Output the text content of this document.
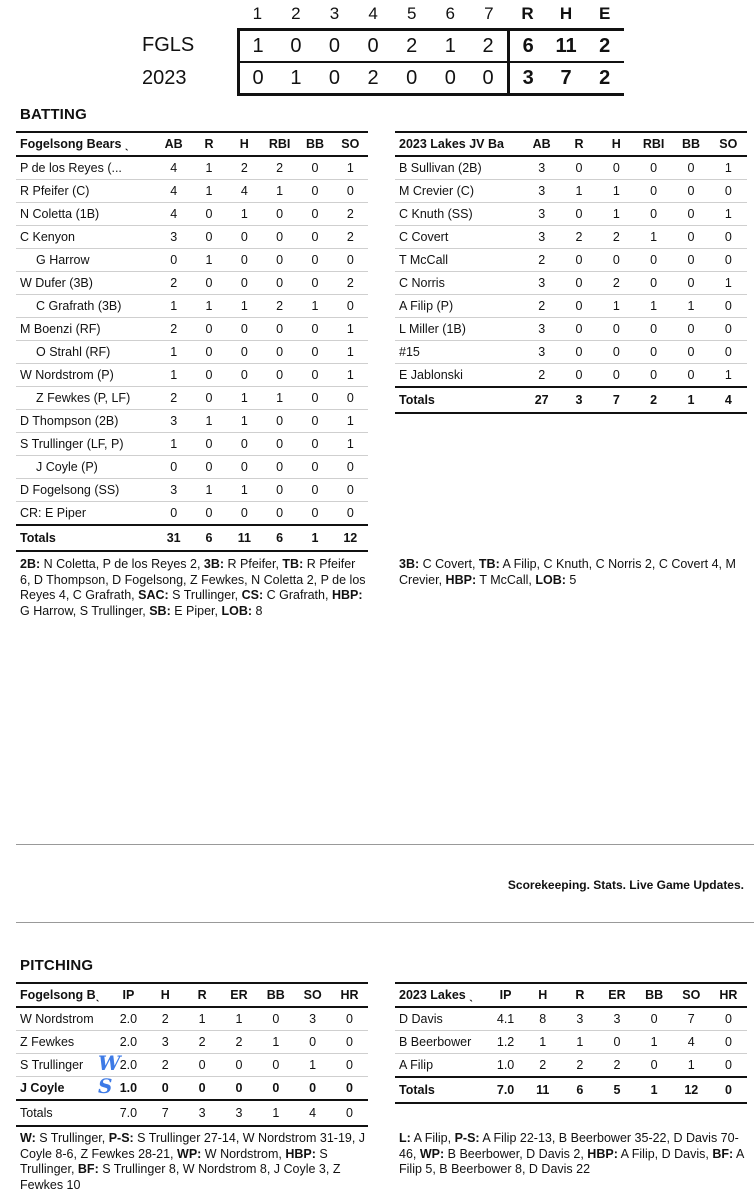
	1	2	3	4	5	6	7	R	H	E
FGLS	1	0	0	0	2	1	2	6	11	2
2023	0	1	0	2	0	0	0	3	7	2
BATTING
Fogelsong Bears ˎ	AB	R	H	RBI	BB	SO
P de los Reyes (...	4	1	2	2	0	1
R Pfeifer (C)	4	1	4	1	0	0
N Coletta (1B)	4	0	1	0	0	2
C Kenyon	3	0	0	0	0	2
G Harrow	0	1	0	0	0	0
W Dufer (3B)	2	0	0	0	0	2
C Grafrath (3B)	1	1	1	2	1	0
M Boenzi (RF)	2	0	0	0	0	1
O Strahl (RF)	1	0	0	0	0	1
W Nordstrom (P)	1	0	0	0	0	1
Z Fewkes (P, LF)	2	0	1	1	0	0
D Thompson (2B)	3	1	1	0	0	1
S Trullinger (LF, P)	1	0	0	0	0	1
J Coyle (P)	0	0	0	0	0	0
D Fogelsong (SS)	3	1	1	0	0	0
CR: E Piper	0	0	0	0	0	0
Totals	31	6	11	6	1	12
2023 Lakes JV Ba	AB	R	H	RBI	BB	SO
B Sullivan (2B)	3	0	0	0	0	1
M Crevier (C)	3	1	1	0	0	0
C Knuth (SS)	3	0	1	0	0	1
C Covert	3	2	2	1	0	0
T McCall	2	0	0	0	0	0
C Norris	3	0	2	0	0	1
A Filip (P)	2	0	1	1	1	0
L Miller (1B)	3	0	0	0	0	0
#15	3	0	0	0	0	0
E Jablonski	2	0	0	0	0	1
Totals	27	3	7	2	1	4
2B: N Coletta, P de los Reyes 2, 3B: R Pfeifer, TB: R Pfeifer 6, D Thompson, D Fogelsong, Z Fewkes, N Coletta 2, P de los Reyes 4, C Grafrath, SAC: S Trullinger, CS: C Grafrath, HBP: G Harrow, S Trullinger, SB: E Piper, LOB: 8
3B: C Covert, TB: A Filip, C Knuth, C Norris 2, C Covert 4, M Crevier, HBP: T McCall, LOB: 5
Scorekeeping. Stats. Live Game Updates.
PITCHING
Fogelsong Bˎ	IP	H	R	ER	BB	SO	HR
W Nordstrom	2.0	2	1	1	0	3	0
Z Fewkes	2.0	3	2	2	1	0	0
S Trullinger	W 2.0	2	0	0	0	1	0
J Coyle	S 1.0	0	0	0	0	0	0
Totals	7.0	7	3	3	1	4	0
2023 Lakes ˎ	IP	H	R	ER	BB	SO	HR
D Davis	4.1	8	3	3	0	7	0
B Beerbower	1.2	1	1	0	1	4	0
A Filip	1.0	2	2	2	0	1	0
Totals	7.0	11	6	5	1	12	0
W: S Trullinger, P-S: S Trullinger 27-14, W Nordstrom 31-19, J Coyle 8-6, Z Fewkes 28-21, WP: W Nordstrom, HBP: S Trullinger, BF: S Trullinger 8, W Nordstrom 8, J Coyle 3, Z Fewkes 10
L: A Filip, P-S: A Filip 22-13, B Beerbower 35-22, D Davis 70-46, WP: B Beerbower, D Davis 2, HBP: A Filip, D Davis, BF: A Filip 5, B Beerbower 8, D Davis 22
